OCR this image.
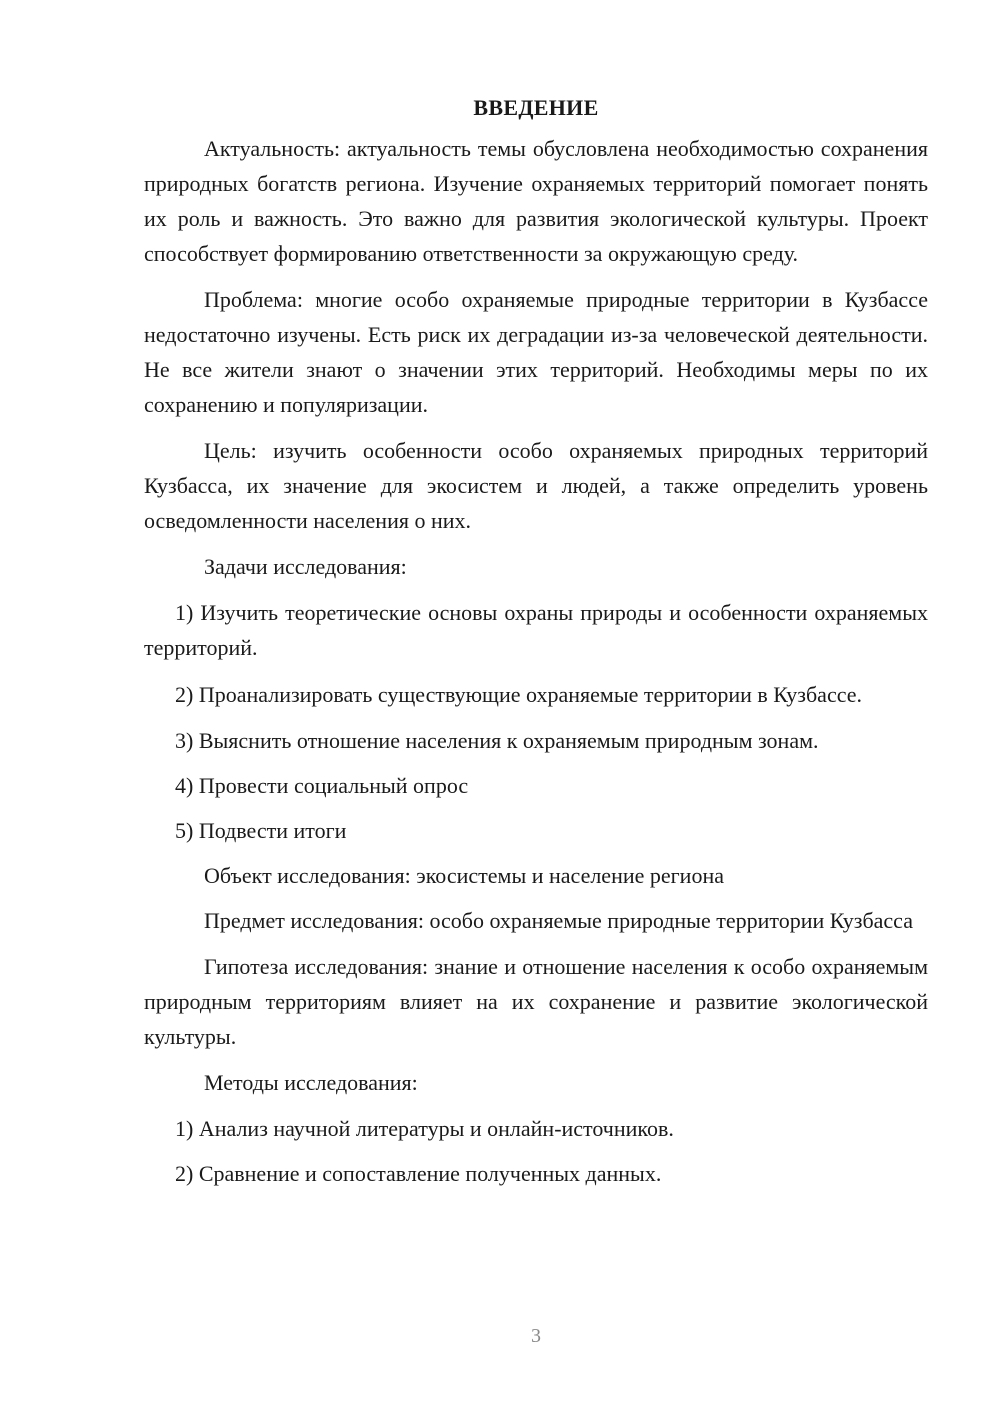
ВВЕДЕНИЕ

Актуальность: актуальность темы обусловлена необходимостью сохранения природных богатств региона. Изучение охраняемых территорий помогает понять их роль и важность. Это важно для развития экологической культуры. Проект способствует формированию ответственности за окружающую среду.

Проблема: многие особо охраняемые природные территории в Кузбассе недостаточно изучены. Есть риск их деградации из-за человеческой деятельности. Не все жители знают о значении этих территорий. Необходимы меры по их сохранению и популяризации.

Цель: изучить особенности особо охраняемых природных территорий Кузбасса, их значение для экосистем и людей, а также определить уровень осведомленности населения о них.

Задачи исследования:

1) Изучить теоретические основы охраны природы и особенности охраняемых территорий.

2) Проанализировать существующие охраняемые территории в Кузбассе.

3) Выяснить отношение населения к охраняемым природным зонам.

4) Провести социальный опрос

5) Подвести итоги

Объект исследования: экосистемы и население региона

Предмет исследования: особо охраняемые природные территории Кузбасса

Гипотеза исследования: знание и отношение населения к особо охраняемым природным территориям влияет на их сохранение и развитие экологической культуры.

Методы исследования:

1) Анализ научной литературы и онлайн-источников.

2) Сравнение и сопоставление полученных данных.

3
